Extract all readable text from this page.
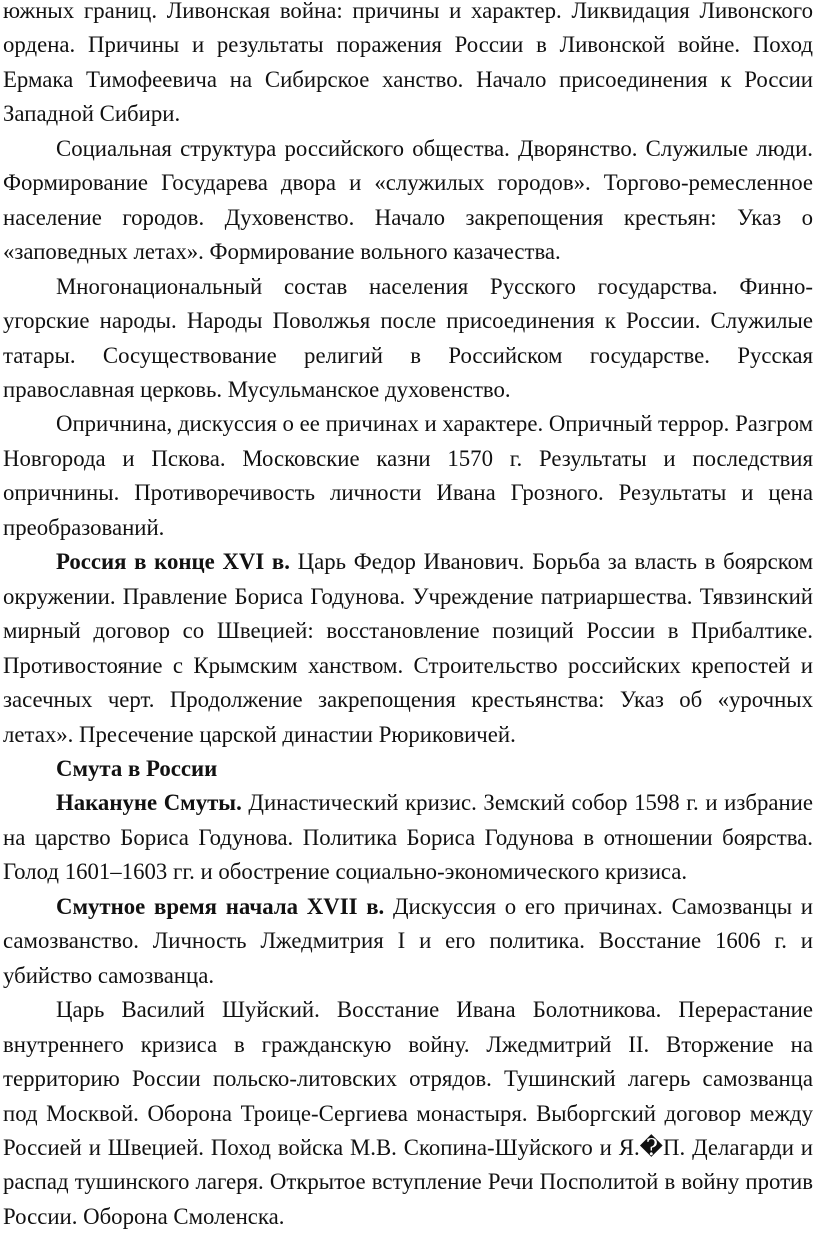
южных границ. Ливонская война: причины и характер. Ликвидация Ливонского ордена. Причины и результаты поражения России в Ливонской войне. Поход Ермака Тимофеевича на Сибирское ханство. Начало присоединения к России Западной Сибири.

Социальная структура российского общества. Дворянство. Служилые люди. Формирование Государева двора и «служилых городов». Торгово-ремесленное население городов. Духовенство. Начало закрепощения крестьян: Указ о «заповедных летах». Формирование вольного казачества.

Многонациональный состав населения Русского государства. Финно-угорские народы. Народы Поволжья после присоединения к России. Служилые татары. Сосуществование религий в Российском государстве. Русская православная церковь. Мусульманское духовенство.

Опричнина, дискуссия о ее причинах и характере. Опричный террор. Разгром Новгорода и Пскова. Московские казни 1570 г. Результаты и последствия опричнины. Противоречивость личности Ивана Грозного. Результаты и цена преобразований.

Россия в конце XVI в. Царь Федор Иванович. Борьба за власть в боярском окружении. Правление Бориса Годунова. Учреждение патриаршества. Тявзинский мирный договор со Швецией: восстановление позиций России в Прибалтике. Противостояние с Крымским ханством. Строительство российских крепостей и засечных черт. Продолжение закрепощения крестьянства: Указ об «урочных летах». Пресечение царской династии Рюриковичей.

Смута в России

Накануне Смуты. Династический кризис. Земский собор 1598 г. и избрание на царство Бориса Годунова. Политика Бориса Годунова в отношении боярства. Голод 1601–1603 гг. и обострение социально-экономического кризиса.

Смутное время начала XVII в. Дискуссия о его причинах. Самозванцы и самозванство. Личность Лжедмитрия I и его политика. Восстание 1606 г. и убийство самозванца.

Царь Василий Шуйский. Восстание Ивана Болотникова. Перерастание внутреннего кризиса в гражданскую войну. Лжедмитрий II. Вторжение на территорию России польско-литовских отрядов. Тушинский лагерь самозванца под Москвой. Оборона Троице-Сергиева монастыря. Выборгский договор между Россией и Швецией. Поход войска М.В. Скопина-Шуйского и Я.�П. Делагарди и распад тушинского лагеря. Открытое вступление Речи Посполитой в войну против России. Оборона Смоленска.
